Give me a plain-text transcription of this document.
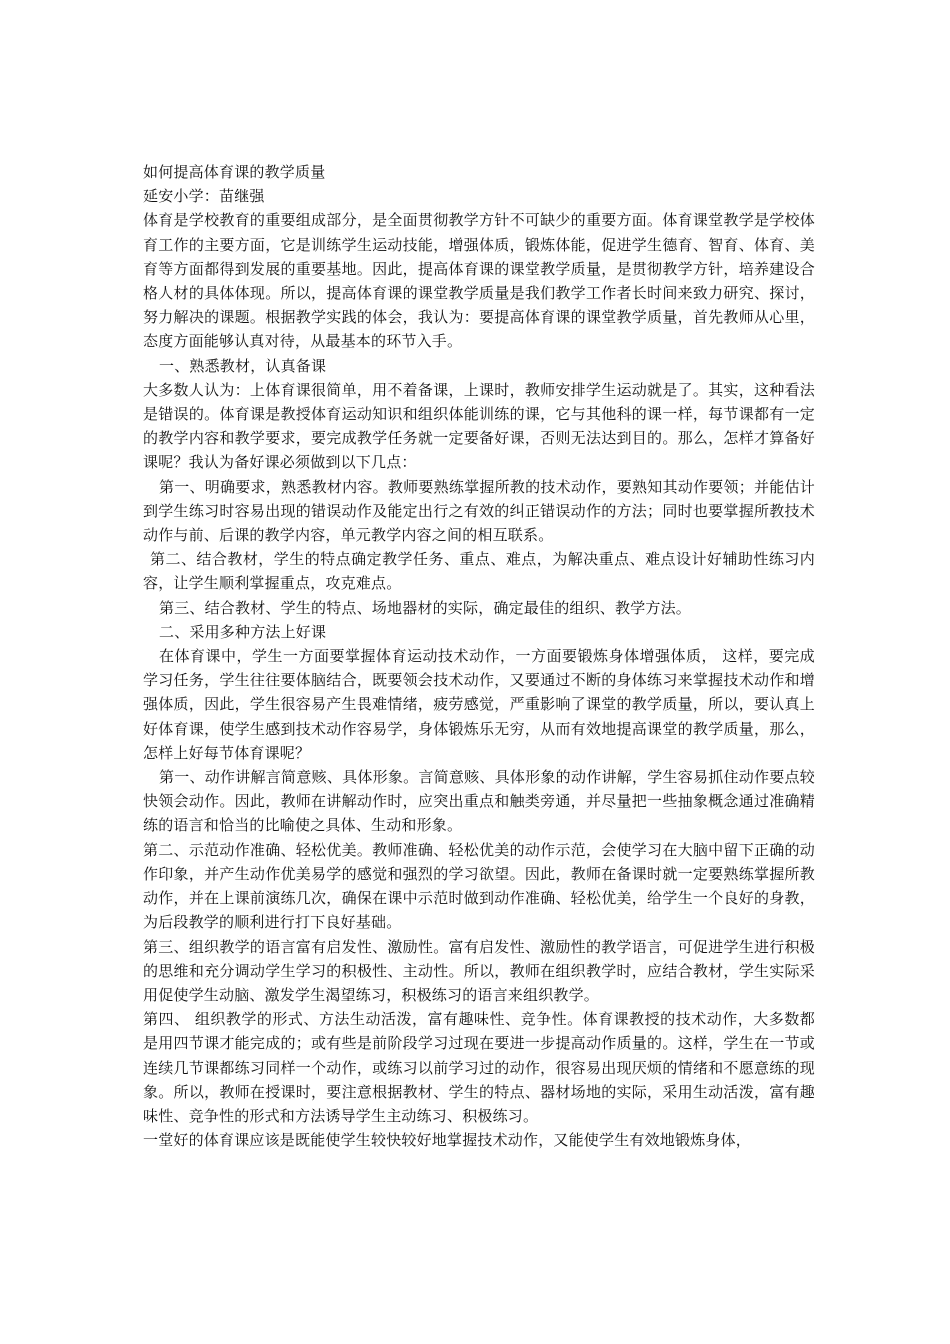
如何提高体育课的教学质量

延安小学：苗继强

体育是学校教育的重要组成部分，是全面贯彻教学方针不可缺少的重要方面。体育课堂教学是学校体育工作的主要方面，它是训练学生运动技能，增强体质，锻炼体能，促进学生德育、智育、体育、美育等方面都得到发展的重要基地。因此，提高体育课的课堂教学质量，是贯彻教学方针，培养建设合格人材的具体体现。所以，提高体育课的课堂教学质量是我们教学工作者长时间来致力研究、探讨，努力解决的课题。根据教学实践的体会，我认为：要提高体育课的课堂教学质量，首先教师从心里，态度方面能够认真对待，从最基本的环节入手。

一、熟悉教材，认真备课

大多数人认为：上体育课很简单，用不着备课，上课时，教师安排学生运动就是了。其实，这种看法是错误的。体育课是教授体育运动知识和组织体能训练的课，它与其他科的课一样，每节课都有一定的教学内容和教学要求，要完成教学任务就一定要备好课，否则无法达到目的。那么，怎样才算备好课呢？我认为备好课必须做到以下几点：

第一、明确要求，熟悉教材内容。教师要熟练掌握所教的技术动作，要熟知其动作要领；并能估计到学生练习时容易出现的错误动作及能定出行之有效的纠正错误动作的方法；同时也要掌握所教技术动作与前、后课的教学内容，单元教学内容之间的相互联系。

第二、结合教材，学生的特点确定教学任务、重点、难点，为解决重点、难点设计好辅助性练习内容，让学生顺利掌握重点，攻克难点。

第三、结合教材、学生的特点、场地器材的实际，确定最佳的组织、教学方法。

二、采用多种方法上好课

在体育课中，学生一方面要掌握体育运动技术动作，一方面要锻炼身体增强体质， 这样，要完成学习任务，学生往往要体脑结合，既要领会技术动作，又要通过不断的身体练习来掌握技术动作和增强体质，因此，学生很容易产生畏难情绪，疲劳感觉，严重影响了课堂的教学质量，所以，要认真上好体育课，使学生感到技术动作容易学，身体锻炼乐无穷，从而有效地提高课堂的教学质量，那么，怎样上好每节体育课呢？

第一、动作讲解言简意赅、具体形象。言简意赅、具体形象的动作讲解，学生容易抓住动作要点较快领会动作。因此，教师在讲解动作时，应突出重点和触类旁通，并尽量把一些抽象概念通过准确精练的语言和恰当的比喻使之具体、生动和形象。

第二、示范动作准确、轻松优美。教师准确、轻松优美的动作示范，会使学习在大脑中留下正确的动作印象，并产生动作优美易学的感觉和强烈的学习欲望。因此，教师在备课时就一定要熟练掌握所教动作，并在上课前演练几次，确保在课中示范时做到动作准确、轻松优美，给学生一个良好的身教，为后段教学的顺利进行打下良好基础。

第三、组织教学的语言富有启发性、激励性。富有启发性、激励性的教学语言，可促进学生进行积极的思维和充分调动学生学习的积极性、主动性。所以，教师在组织教学时，应结合教材，学生实际采用促使学生动脑、激发学生渴望练习，积极练习的语言来组织教学。

第四、 组织教学的形式、方法生动活泼，富有趣味性、竞争性。体育课教授的技术动作，大多数都是用四节课才能完成的；或有些是前阶段学习过现在要进一步提高动作质量的。这样，学生在一节或连续几节课都练习同样一个动作，或练习以前学习过的动作，很容易出现厌烦的情绪和不愿意练的现象。所以，教师在授课时，要注意根据教材、学生的特点、器材场地的实际，采用生动活泼，富有趣味性、竞争性的形式和方法诱导学生主动练习、积极练习。

一堂好的体育课应该是既能使学生较快较好地掌握技术动作，又能使学生有效地锻炼身体，
